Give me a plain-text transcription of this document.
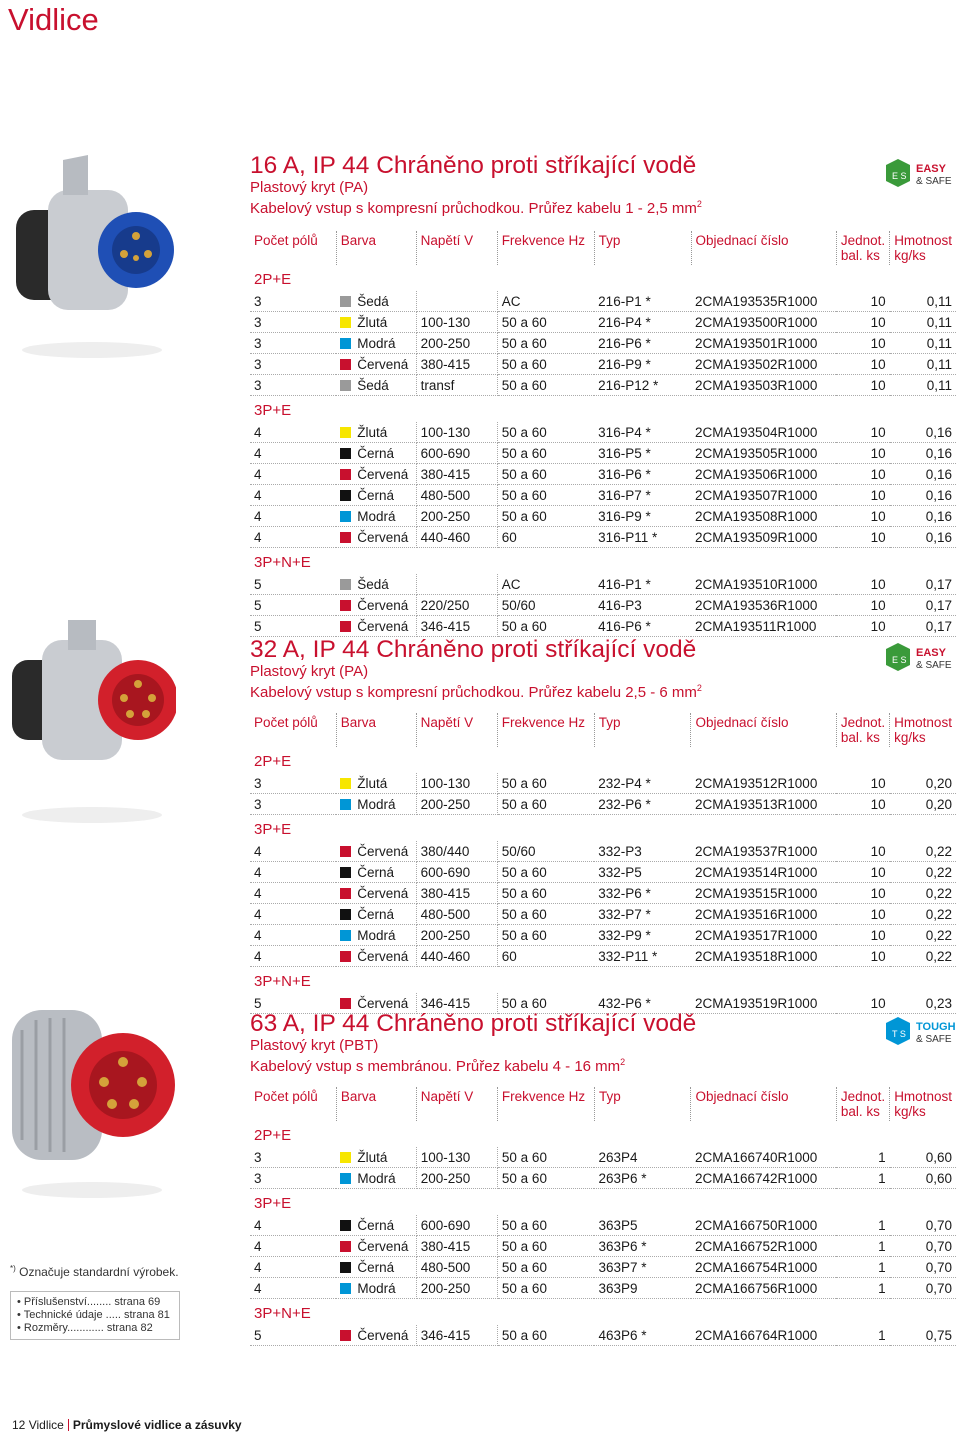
Vidlice
*) Označuje standardní výrobek.
• Příslušenství........ strana 69
• Technické údaje ..... strana 81
• Rozměry............ strana 82
16 A, IP 44 Chráněno proti stříkající vodě
Plastový kryt (PA)
Kabelový vstup s kompresní průchodkou. Průřez kabelu 1 - 2,5 $mm^2$
E S
EASY
& SAFE
Počet pólů	Barva	Napětí V	Frekvence Hz	Typ	Objednací číslo	Jednot. bal. ks	Hmotnost kg/ks
2P+E							
3	Šedá		AC	216-P1 *	2CMA193535R1000	10	0,11
3	Žlutá	100-130	50 a 60	216-P4 *	2CMA193500R1000	10	0,11
3	Modrá	200-250	50 a 60	216-P6 *	2CMA193501R1000	10	0,11
3	Červená	380-415	50 a 60	216-P9 *	2CMA193502R1000	10	0,11
3	Šedá	transf	50 a 60	216-P12 *	2CMA193503R1000	10	0,11
3P+E							
4	Žlutá	100-130	50 a 60	316-P4 *	2CMA193504R1000	10	0,16
4	Černá	600-690	50 a 60	316-P5 *	2CMA193505R1000	10	0,16
4	Červená	380-415	50 a 60	316-P6 *	2CMA193506R1000	10	0,16
4	Černá	480-500	50 a 60	316-P7 *	2CMA193507R1000	10	0,16
4	Modrá	200-250	50 a 60	316-P9 *	2CMA193508R1000	10	0,16
4	Červená	440-460	60	316-P11 *	2CMA193509R1000	10	0,16
3P+N+E							
5	Šedá		AC	416-P1 *	2CMA193510R1000	10	0,17
5	Červená	220/250	50/60	416-P3	2CMA193536R1000	10	0,17
5	Červená	346-415	50 a 60	416-P6 *	2CMA193511R1000	10	0,17
32 A, IP 44 Chráněno proti stříkající vodě
Plastový kryt (PA)
Kabelový vstup s kompresní průchodkou. Průřez kabelu 2,5 - 6 $mm^2$
E S
EASY
& SAFE
Počet pólů	Barva	Napětí V	Frekvence Hz	Typ	Objednací číslo	Jednot. bal. ks	Hmotnost kg/ks
2P+E							
3	Žlutá	100-130	50 a 60	232-P4 *	2CMA193512R1000	10	0,20
3	Modrá	200-250	50 a 60	232-P6 *	2CMA193513R1000	10	0,20
3P+E							
4	Červená	380/440	50/60	332-P3	2CMA193537R1000	10	0,22
4	Černá	600-690	50 a 60	332-P5	2CMA193514R1000	10	0,22
4	Červená	380-415	50 a 60	332-P6 *	2CMA193515R1000	10	0,22
4	Černá	480-500	50 a 60	332-P7 *	2CMA193516R1000	10	0,22
4	Modrá	200-250	50 a 60	332-P9 *	2CMA193517R1000	10	0,22
4	Červená	440-460	60	332-P11 *	2CMA193518R1000	10	0,22
3P+N+E							
5	Červená	346-415	50 a 60	432-P6 *	2CMA193519R1000	10	0,23
63 A, IP 44 Chráněno proti stříkající vodě
Plastový kryt (PBT)
Kabelový vstup s membránou. Průřez kabelu 4 - 16 $mm^2$
T S
TOUGH
& SAFE
Počet pólů	Barva	Napětí V	Frekvence Hz	Typ	Objednací číslo	Jednot. bal. ks	Hmotnost kg/ks
2P+E							
3	Žlutá	100-130	50 a 60	263P4	2CMA166740R1000	1	0,60
3	Modrá	200-250	50 a 60	263P6 *	2CMA166742R1000	1	0,60
3P+E							
4	Černá	600-690	50 a 60	363P5	2CMA166750R1000	1	0,70
4	Červená	380-415	50 a 60	363P6 *	2CMA166752R1000	1	0,70
4	Černá	480-500	50 a 60	363P7 *	2CMA166754R1000	1	0,70
4	Modrá	200-250	50 a 60	363P9	2CMA166756R1000	1	0,70
3P+N+E							
5	Červená	346-415	50 a 60	463P6 *	2CMA166764R1000	1	0,75
12 Vidlice Průmyslové vidlice a zásuvky
